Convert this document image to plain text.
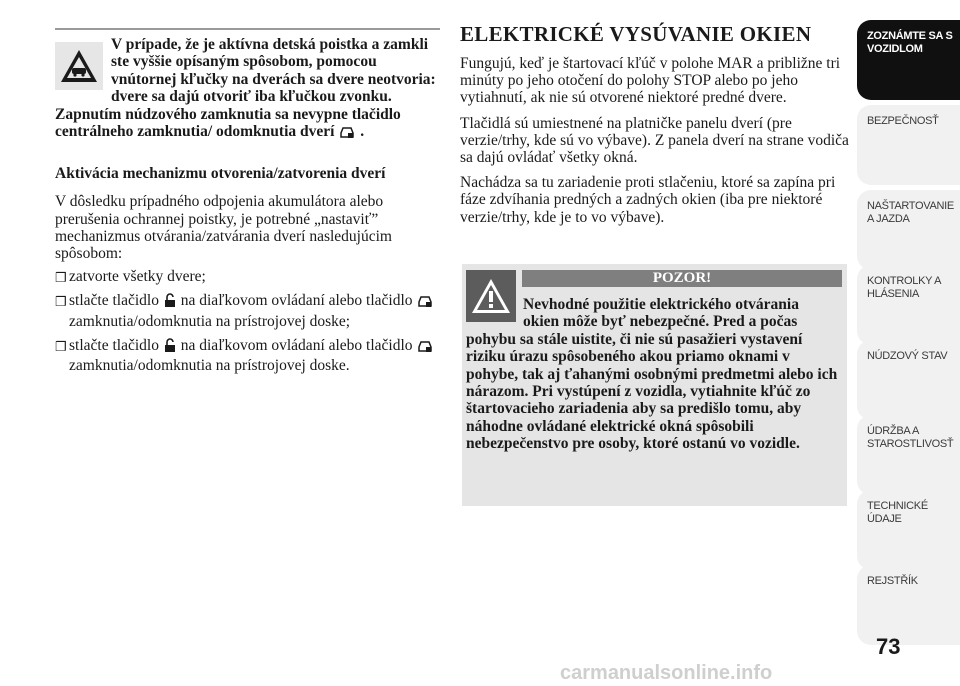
V prípade, že je aktívna detská poistka a zamkli ste vyššie opísaným spôsobom, pomocou vnútornej kľučky na dverách sa dvere neotvoria: dvere sa dajú otvoriť iba kľučkou zvonku. Zapnutím núdzového zamknutia sa nevypne tlačidlo centrálneho zamknutia/ odomknutia dverí .
Aktivácia mechanizmu otvorenia/zatvorenia dverí

V dôsledku prípadného odpojenia akumulátora alebo prerušenia ochrannej poistky, je potrebné „nastaviť” mechanizmus otvárania/zatvárania dverí nasledujúcim spôsobom:

❒ zatvorte všetky dvere;
❒ stlačte tlačidlo na diaľkovom ovládaní alebo tlačidlo  zamknutia/odomknutia na prístrojovej doske;
❒ stlačte tlačidlo na diaľkovom ovládaní alebo tlačidlo  zamknutia/odomknutia na prístrojovej doske.
ELEKTRICKÉ VYSÚVANIE OKIEN

Fungujú, keď je štartovací kľúč v polohe MAR a približne tri minúty po jeho otočení do polohy STOP alebo po jeho vytiahnutí, ak nie sú otvorené niektoré predné dvere.

Tlačidlá sú umiestnené na platničke panelu dverí (pre verzie/trhy, kde sú vo výbave). Z panela dverí na strane vodiča sa dajú ovládať všetky okná.

Nachádza sa tu zariadenie proti stlačeniu, ktoré sa zapína pri fáze zdvíhania predných a zadných okien (iba pre niektoré verzie/trhy, kde je to vo výbave).

POZOR!
Nevhodné použitie elektrického otvárania okien môže byť nebezpečné. Pred a počas
pohybu sa stále uistite, či nie sú pasažieri vystavení riziku úrazu spôsobeného akou priamo oknami v pohybe, tak aj ťahanými osobnými predmetmi alebo ich nárazom. Pri vystúpení z vozidla, vytiahnite kľúč zo štartovacieho zariadenia aby sa predišlo tomu, aby náhodne ovládané elektrické okná spôsobili nebezpečenstvo pre osoby, ktoré ostanú vo vozidle.
ZOZNÁMTE SA S VOZIDLOM
BEZPEČNOSŤ
NAŠTARTOVANIE A JAZDA
KONTROLKY A HLÁSENIA
NÚDZOVÝ STAV
ÚDRŽBA A STAROSTLIVOSŤ
TECHNICKÉ ÚDAJE
REJSTŘÍK
73
carmanualsonline.info
